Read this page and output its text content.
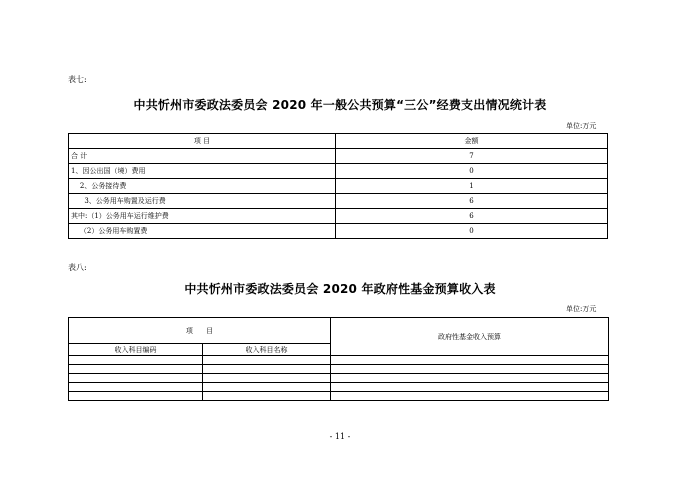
表七:
中共忻州市委政法委员会 2020 年一般公共预算“三公”经费支出情况统计表
单位:万元
项 目	金额
合 计	7
1、因公出国（境）费用	0
2、公务接待费	1
3、公务用车购置及运行费	6
其中:（1）公务用车运行维护费	6
（2）公务用车购置费	0
表八:
中共忻州市委政法委员会 2020 年政府性基金预算收入表
单位:万元
项      目		政府性基金收入预算
收入科目编码	收入科目名称	

- 11 -
